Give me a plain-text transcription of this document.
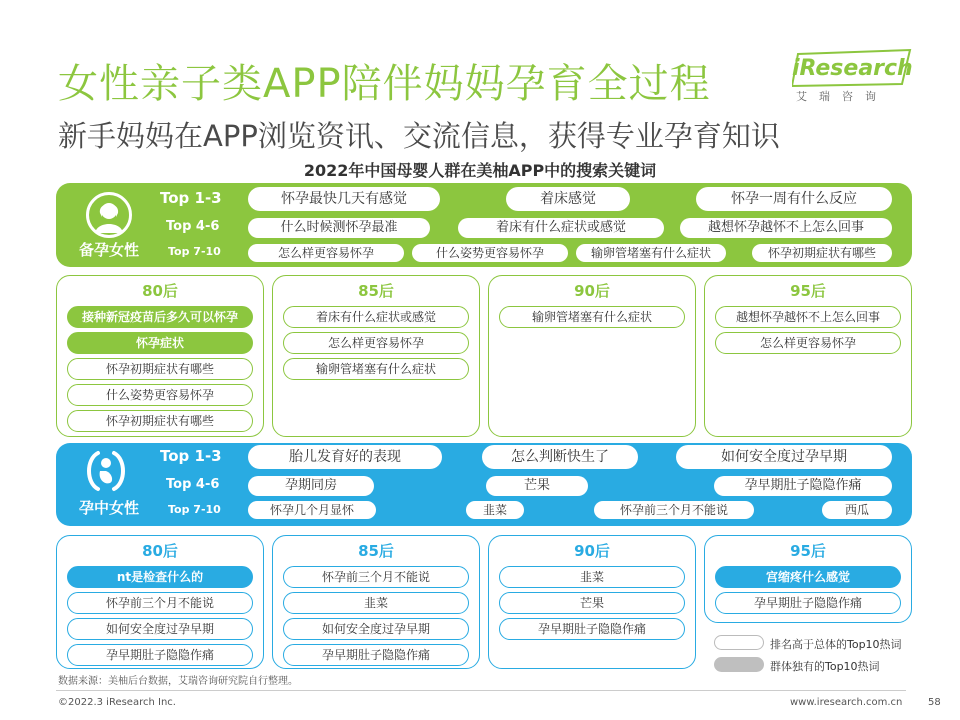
女性亲子类APP陪伴妈妈孕育全过程
新手妈妈在APP浏览资讯、交流信息，获得专业孕育知识
iResearch
艾瑞咨询
2022年中国母婴人群在美柚APP中的搜索关键词
备孕女性
Top 1-3
Top 4-6
Top 7-10
怀孕最快几天有感觉	着床感觉	怀孕一周有什么反应
什么时候测怀孕最准	着床有什么症状或感觉	越想怀孕越怀不上怎么回事
怎么样更容易怀孕	什么姿势更容易怀孕	输卵管堵塞有什么症状	怀孕初期症状有哪些
80后
接种新冠疫苗后多久可以怀孕
怀孕症状
怀孕初期症状有哪些
什么姿势更容易怀孕
怀孕初期症状有哪些
85后
着床有什么症状或感觉
怎么样更容易怀孕
输卵管堵塞有什么症状
90后
输卵管堵塞有什么症状
95后
越想怀孕越怀不上怎么回事
怎么样更容易怀孕
孕中女性
Top 1-3
Top 4-6
Top 7-10
胎儿发育好的表现	怎么判断快生了	如何安全度过孕早期
孕期同房	芒果	孕早期肚子隐隐作痛
怀孕几个月显怀	韭菜	怀孕前三个月不能说	西瓜
80后
nt是检查什么的
怀孕前三个月不能说
如何安全度过孕早期
孕早期肚子隐隐作痛
85后
怀孕前三个月不能说
韭菜
如何安全度过孕早期
孕早期肚子隐隐作痛
90后
韭菜
芒果
孕早期肚子隐隐作痛
95后
宫缩疼什么感觉
孕早期肚子隐隐作痛
排名高于总体的Top10热词
群体独有的Top10热词
数据来源：美柚后台数据，艾瑞咨询研究院自行整理。
©2022.3 iResearch Inc.	www.iresearch.com.cn	58
